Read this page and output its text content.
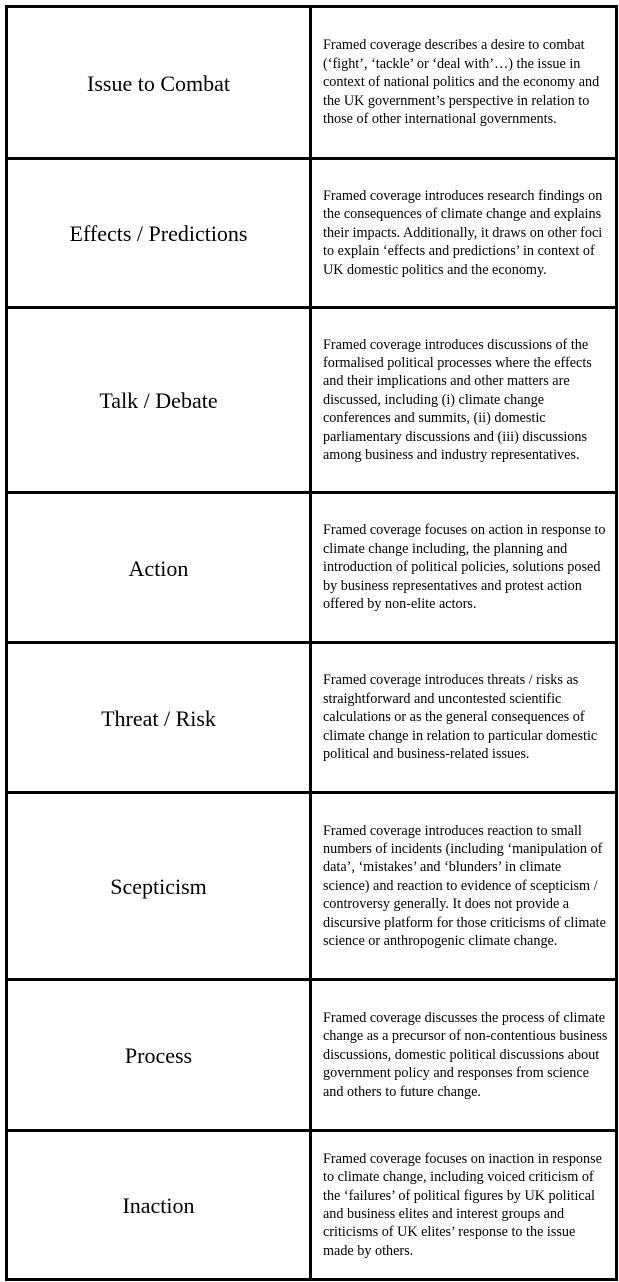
Issue to Combat
Framed coverage describes a desire to combat (‘fight’, ‘tackle’ or ‘deal with’…) the issue in context of national politics and the economy and the UK government’s perspective in relation to those of other international governments.
Effects / Predictions
Framed coverage introduces research findings on the consequences of climate change and explains their impacts. Additionally, it draws on other foci to explain ‘effects and predictions’ in context of UK domestic politics and the economy.
Talk / Debate
Framed coverage introduces discussions of the formalised political processes where the effects and their implications and other matters are discussed, including (i) climate change conferences and summits, (ii) domestic parliamentary discussions and (iii) discussions among business and industry representatives.
Action
Framed coverage focuses on action in response to climate change including, the planning and introduction of political policies, solutions posed by business representatives and protest action offered by non-elite actors.
Threat / Risk
Framed coverage introduces threats / risks as straightforward and uncontested scientific calculations or as the general consequences of climate change in relation to particular domestic political and business-related issues.
Scepticism
Framed coverage introduces reaction to small numbers of incidents (including ‘manipulation of data’, ‘mistakes’ and ‘blunders’ in climate science) and reaction to evidence of scepticism / controversy generally. It does not provide a discursive platform for those criticisms of climate science or anthropogenic climate change.
Process
Framed coverage discusses the process of climate change as a precursor of non-contentious business discussions, domestic political discussions about government policy and responses from science and others to future change.
Inaction
Framed coverage focuses on inaction in response to climate change, including voiced criticism of the ‘failures’ of political figures by UK political and business elites and interest groups and criticisms of UK elites’ response to the issue made by others.
